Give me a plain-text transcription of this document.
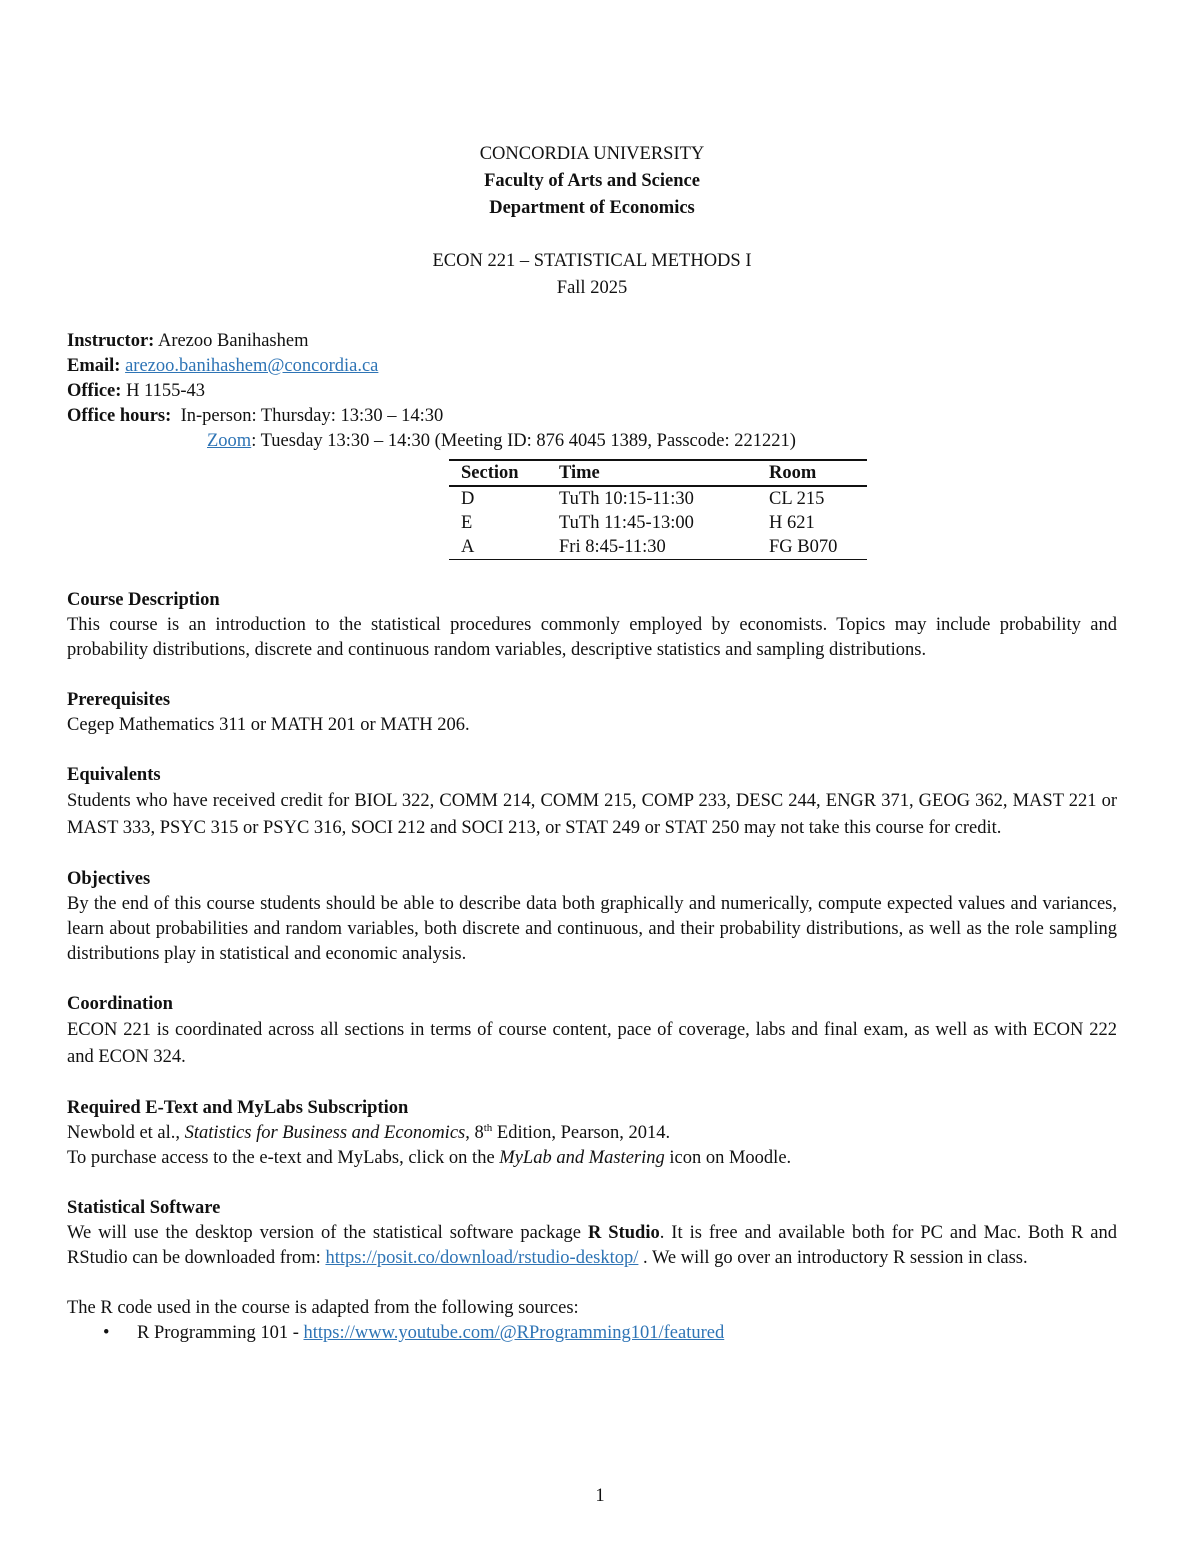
CONCORDIA UNIVERSITY
Faculty of Arts and Science
Department of Economics
ECON 221 – STATISTICAL METHODS I
Fall 2025
Instructor: Arezoo Banihashem
Email: arezoo.banihashem@concordia.ca
Office: H 1155-43
Office hours: In-person: Thursday: 13:30 – 14:30
Zoom: Tuesday 13:30 – 14:30 (Meeting ID: 876 4045 1389, Passcode: 221221)
Section	Time	Room
D	TuTh 10:15-11:30	CL 215
E	TuTh 11:45-13:00	H 621
A	Fri 8:45-11:30	FG B070
Course Description
This course is an introduction to the statistical procedures commonly employed by economists. Topics may include probability and probability distributions, discrete and continuous random variables, descriptive statistics and sampling distributions.
Prerequisites
Cegep Mathematics 311 or MATH 201 or MATH 206.
Equivalents
Students who have received credit for BIOL 322, COMM 214, COMM 215, COMP 233, DESC 244, ENGR 371, GEOG 362, MAST 221 or MAST 333, PSYC 315 or PSYC 316, SOCI 212 and SOCI 213, or STAT 249 or STAT 250 may not take this course for credit.
Objectives
By the end of this course students should be able to describe data both graphically and numerically, compute expected values and variances, learn about probabilities and random variables, both discrete and continuous, and their probability distributions, as well as the role sampling distributions play in statistical and economic analysis.
Coordination
ECON 221 is coordinated across all sections in terms of course content, pace of coverage, labs and final exam, as well as with ECON 222 and ECON 324.
Required E-Text and MyLabs Subscription
Newbold et al., Statistics for Business and Economics, 8th Edition, Pearson, 2014.
To purchase access to the e-text and MyLabs, click on the MyLab and Mastering icon on Moodle.
Statistical Software
We will use the desktop version of the statistical software package R Studio. It is free and available both for PC and Mac. Both R and RStudio can be downloaded from: https://posit.co/download/rstudio-desktop/ . We will go over an introductory R session in class.
The R code used in the course is adapted from the following sources:
• R Programming 101 - https://www.youtube.com/@RProgramming101/featured
1
